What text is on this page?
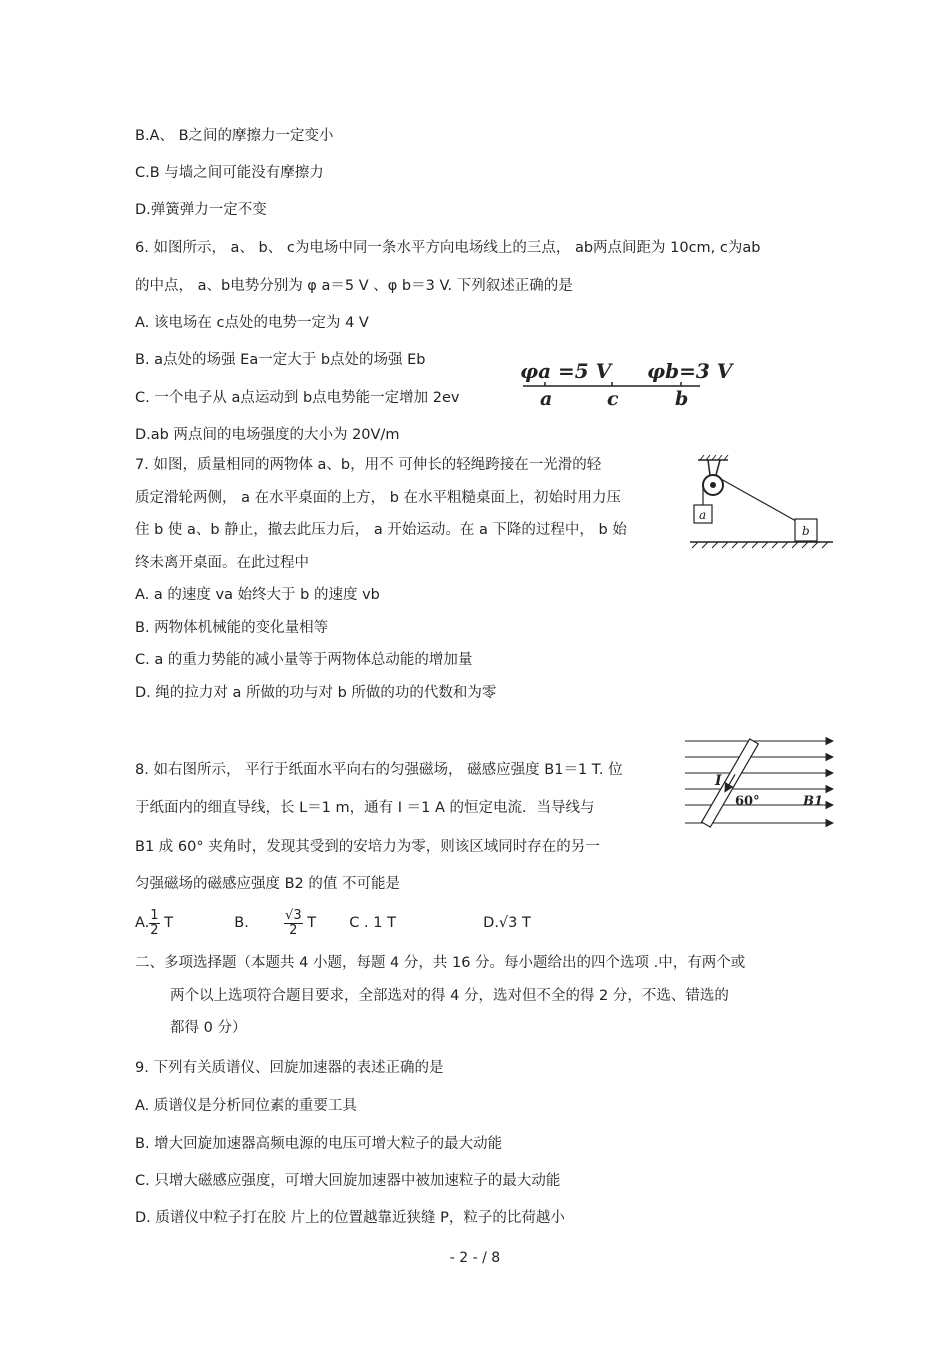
B.A、 B之间的摩擦力一定变小
C.B 与墙之间可能没有摩擦力
D.弹簧弹力一定不变
6. 如图所示， a、 b、 c为电场中同一条水平方向电场线上的三点， ab两点间距为 10cm, c为ab
的中点， a、b电势分别为 φ a＝5 V 、φ b＝3 V. 下列叙述正确的是
A. 该电场在 c点处的电势一定为 4 V
B. a点处的场强 Ea一定大于 b点处的场强 Eb
C. 一个电子从 a点运动到 b点电势能一定增加 2ev
D.ab 两点间的电场强度的大小为 20V/m
φa =5 V φb=3 V
a	c	b
7. 如图，质量相同的两物体 a、b，用不 可伸长的轻绳跨接在一光滑的轻
质定滑轮两侧， a 在水平桌面的上方， b 在水平粗糙桌面上，初始时用力压
住 b 使 a、b 静止，撤去此压力后， a 开始运动。在 a 下降的过程中， b 始
终未离开桌面。在此过程中
A. a 的速度 va 始终大于 b 的速度 vb
B. 两物体机械能的变化量相等
C. a 的重力势能的减小量等于两物体总动能的增加量
D. 绳的拉力对 a 所做的功与对 b 所做的功的代数和为零
a
b
8. 如右图所示， 平行于纸面水平向右的匀强磁场， 磁感应强度 B1＝1 T. 位
于纸面内的细直导线，长 L＝1 m，通有 I ＝1 A 的恒定电流．当导线与
B1 成 60° 夹角时，发现其受到的安培力为零，则该区域同时存在的另一
匀强磁场的磁感应强度 B2 的值 不可能是
A. $\frac{1}{2}$ T	B.	$\frac{√3}{2}$ T C . 1 T	D.√3 T
I
60°	B1
二、多项选择题（本题共 4 小题，每题 4 分，共 16 分。每小题给出的四个选项 .中，有两个或
两个以上选项符合题目要求，全部选对的得 4 分，选对但不全的得 2 分，不选、错选的
都得 0 分）
9. 下列有关质谱仪、回旋加速器的表述正确的是
A. 质谱仪是分析同位素的重要工具
B. 增大回旋加速器高频电源的电压可增大粒子的最大动能
C. 只增大磁感应强度，可增大回旋加速器中被加速粒子的最大动能
D. 质谱仪中粒子打在胶 片上的位置越靠近狭缝 P，粒子的比荷越小
- 2 - / 8
